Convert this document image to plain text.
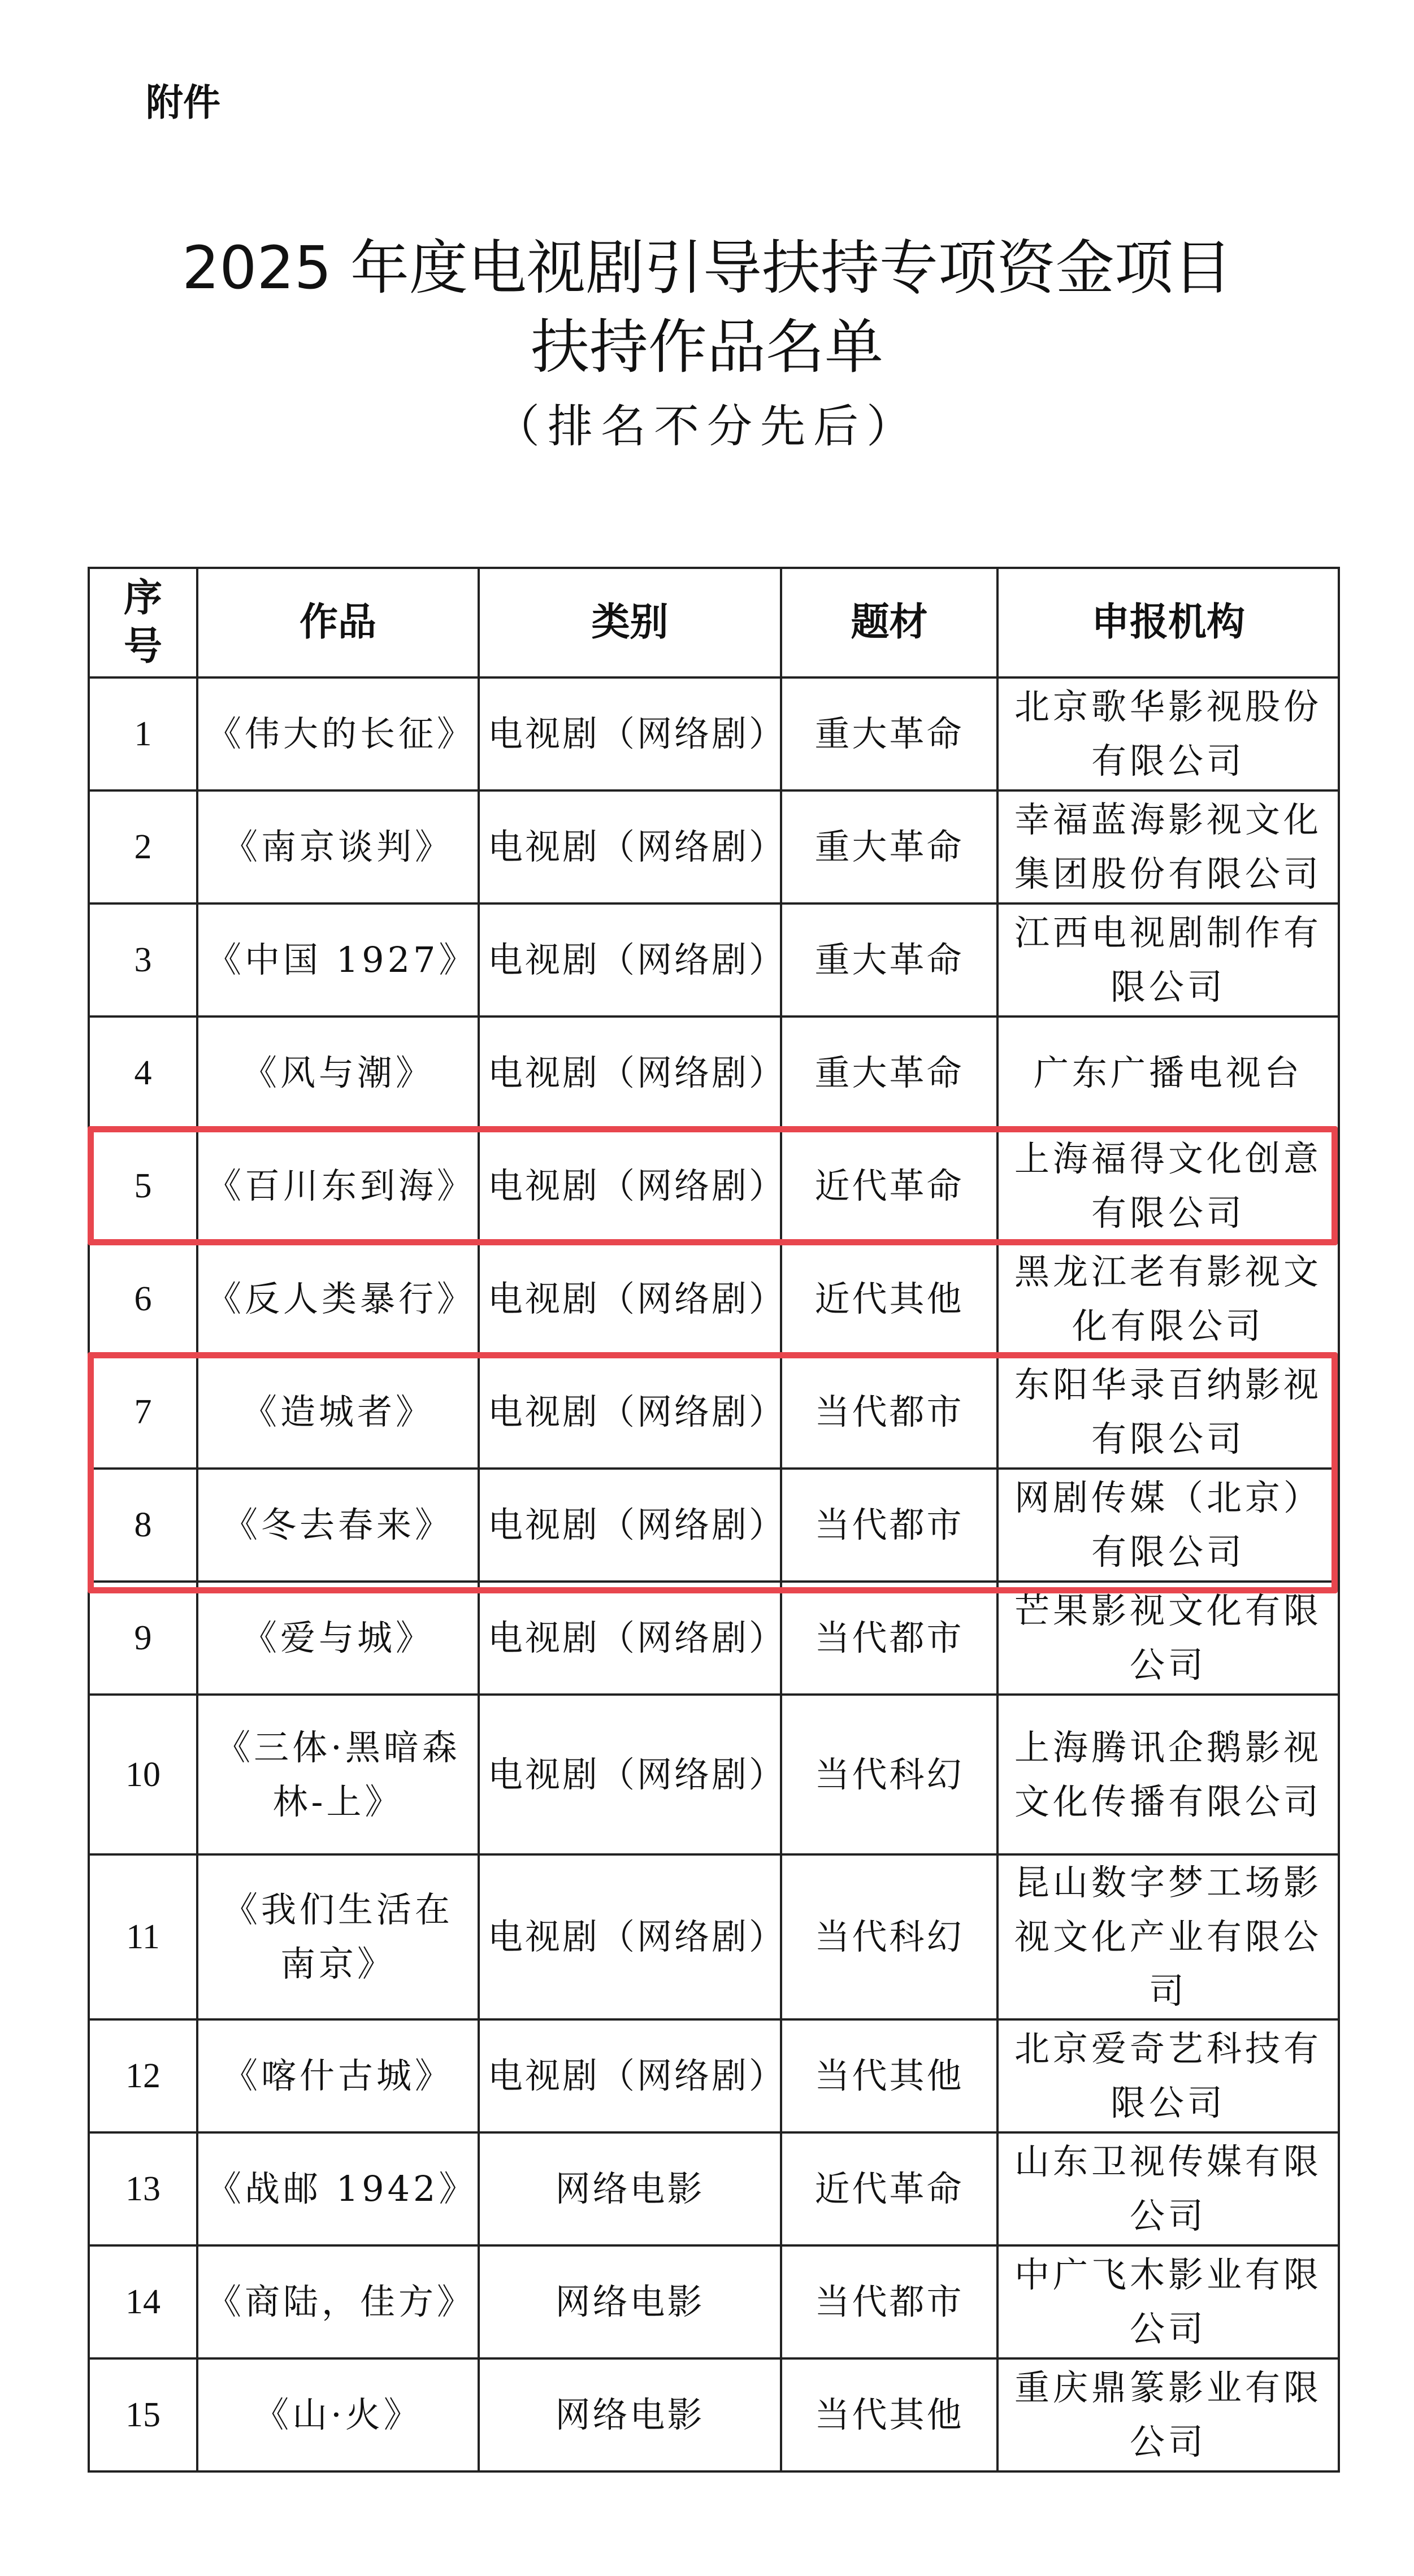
附件
2025 年度电视剧引导扶持专项资金项目
扶持作品名单
（排名不分先后）
序号	作品	类别	题材	申报机构
1	《伟大的长征》	电视剧（网络剧）	重大革命	北京歌华影视股份有限公司
2	《南京谈判》	电视剧（网络剧）	重大革命	幸福蓝海影视文化集团股份有限公司
3	《中国 1927》	电视剧（网络剧）	重大革命	江西电视剧制作有限公司
4	《风与潮》	电视剧（网络剧）	重大革命	广东广播电视台
5	《百川东到海》	电视剧（网络剧）	近代革命	上海福得文化创意有限公司
6	《反人类暴行》	电视剧（网络剧）	近代其他	黑龙江老有影视文化有限公司
7	《造城者》	电视剧（网络剧）	当代都市	东阳华录百纳影视有限公司
8	《冬去春来》	电视剧（网络剧）	当代都市	网剧传媒（北京）有限公司
9	《爱与城》	电视剧（网络剧）	当代都市	芒果影视文化有限公司
10	《三体·黑暗森林-上》	电视剧（网络剧）	当代科幻	上海腾讯企鹅影视文化传播有限公司
11	《我们生活在南京》	电视剧（网络剧）	当代科幻	昆山数字梦工场影视文化产业有限公司
12	《喀什古城》	电视剧（网络剧）	当代其他	北京爱奇艺科技有限公司
13	《战邮 1942》	网络电影	近代革命	山东卫视传媒有限公司
14	《商陆，佳方》	网络电影	当代都市	中广飞木影业有限公司
15	《山·火》	网络电影	当代其他	重庆鼎篆影业有限公司
